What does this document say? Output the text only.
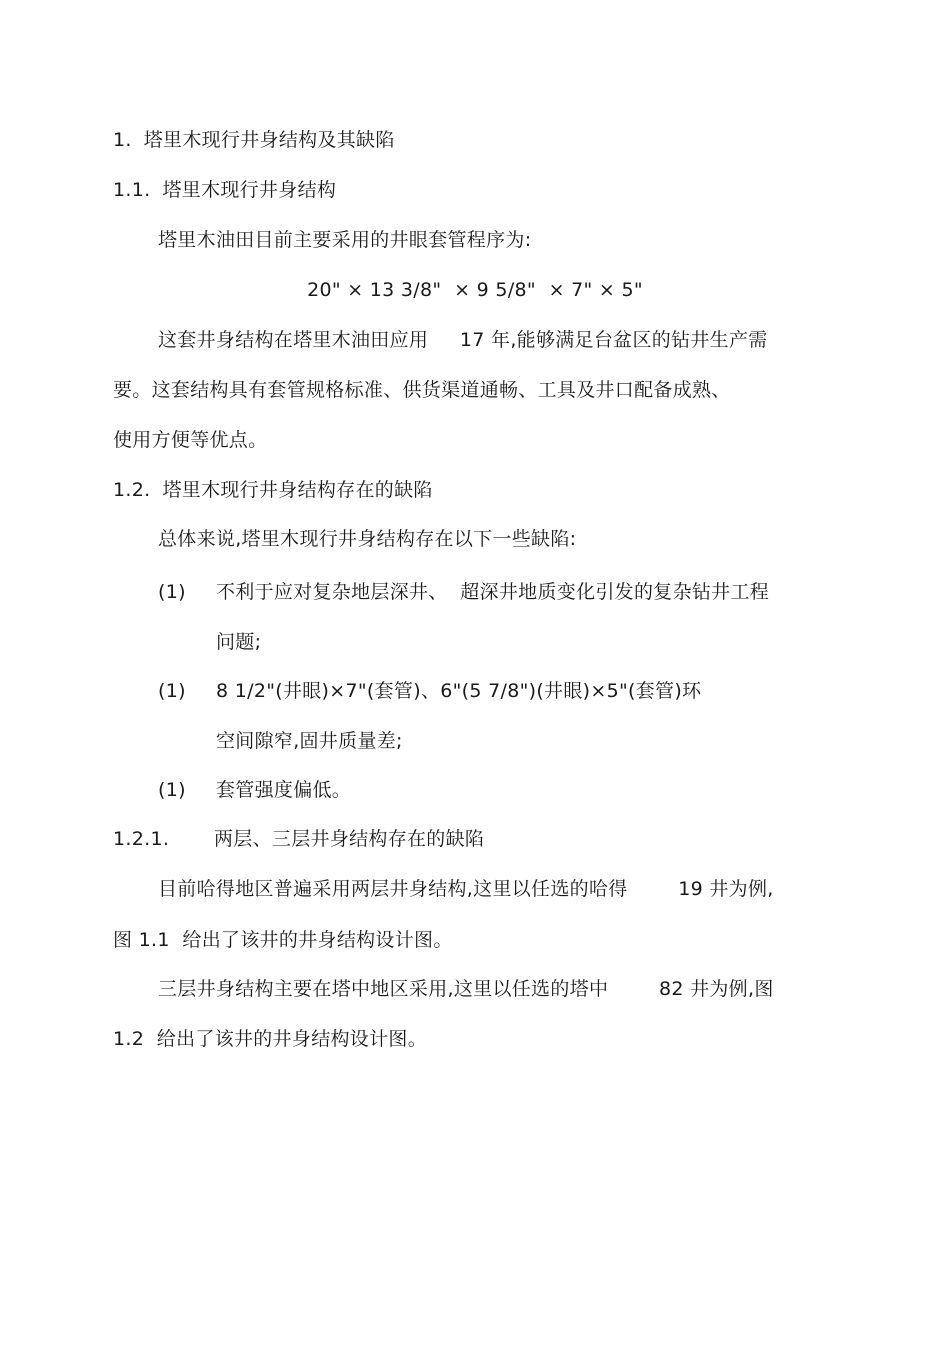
1. 塔里木现行井身结构及其缺陷
1.1. 塔里木现行井身结构
塔里木油田目前主要采用的井眼套管程序为:
20" × 13 3/8"  × 9 5/8"  × 7" × 5"
这套井身结构在塔里木油田应用     17 年,能够满足台盆区的钻井生产需
要。这套结构具有套管规格标准、供货渠道通畅、工具及井口配备成熟、
使用方便等优点。
1.2. 塔里木现行井身结构存在的缺陷
总体来说,塔里木现行井身结构存在以下一些缺陷:
(1) 不利于应对复杂地层深井、  超深井地质变化引发的复杂钻井工程
问题;
(1) 8 1/2"(井眼)×7"(套管)、6"(5 7/8")(井眼)×5"(套管)环
空间隙窄,固井质量差;
(1) 套管强度偏低。
1.2.1. 两层、三层井身结构存在的缺陷
目前哈得地区普遍采用两层井身结构,这里以任选的哈得        19 井为例,
图 1.1  给出了该井的井身结构设计图。
三层井身结构主要在塔中地区采用,这里以任选的塔中        82 井为例,图
1.2  给出了该井的井身结构设计图。
